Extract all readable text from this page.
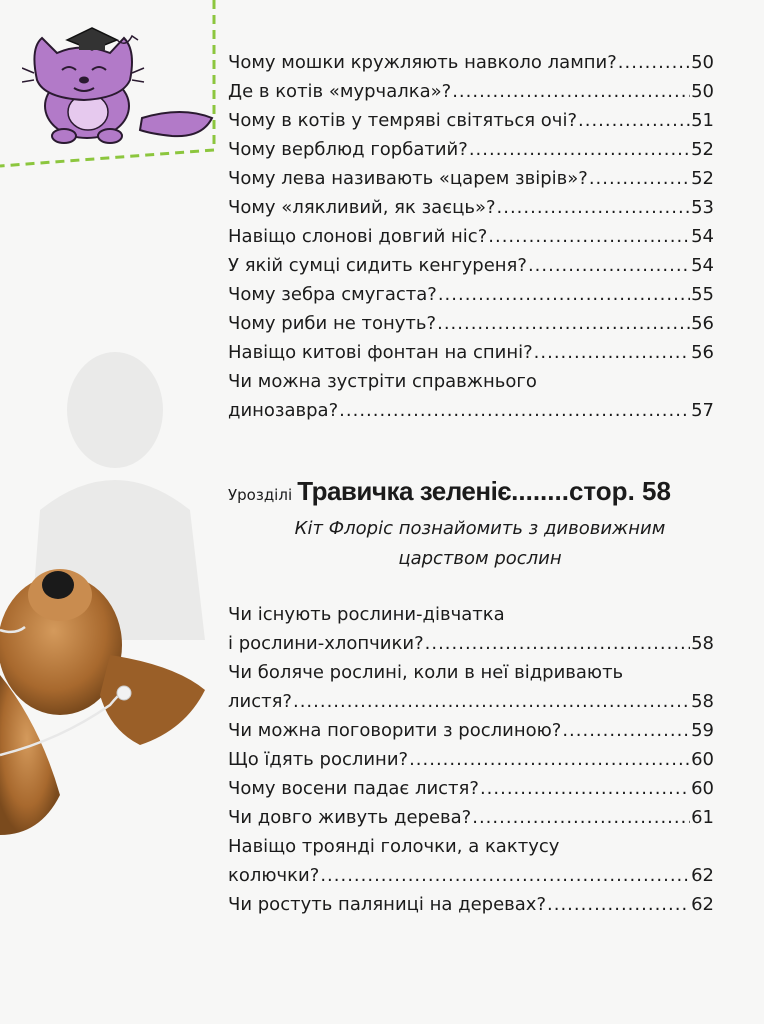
Чому мошки кружляють навколо лампи? .....	50
Де в котів «мурчалка»? .....	50
Чому в котів у темряві світяться очі? .....	51
Чому верблюд горбатий? .....	52
Чому лева називають «царем звірів»? .....	52
Чому «лякливий, як заєць»? .....	53
Навіщо слонові довгий ніс? .....	54
У якій сумці сидить кенгуреня? .....	54
Чому зебра смугаста? .....	55
Чому риби не тонуть? .....	56
Навіщо китові фонтан на спині? .....	56
Чи можна зустріти справжнього
динозавра? .....	57
Урозділі Травичка зеленіє........стор. 58
Кіт Флоріс познайомить з дивовижним
царством рослин
Чи існують рослини-дівчатка
і рослини-хлопчики? .....	58
Чи боляче рослині, коли в неї відривають
листя? .....	58
Чи можна поговорити з рослиною? .....	59
Що їдять рослини? .....	60
Чому восени падає листя? .....	60
Чи довго живуть дерева? .....	61
Навіщо троянді голочки, а кактусу
колючки? .....	62
Чи ростуть паляниці на деревах? .....	62
